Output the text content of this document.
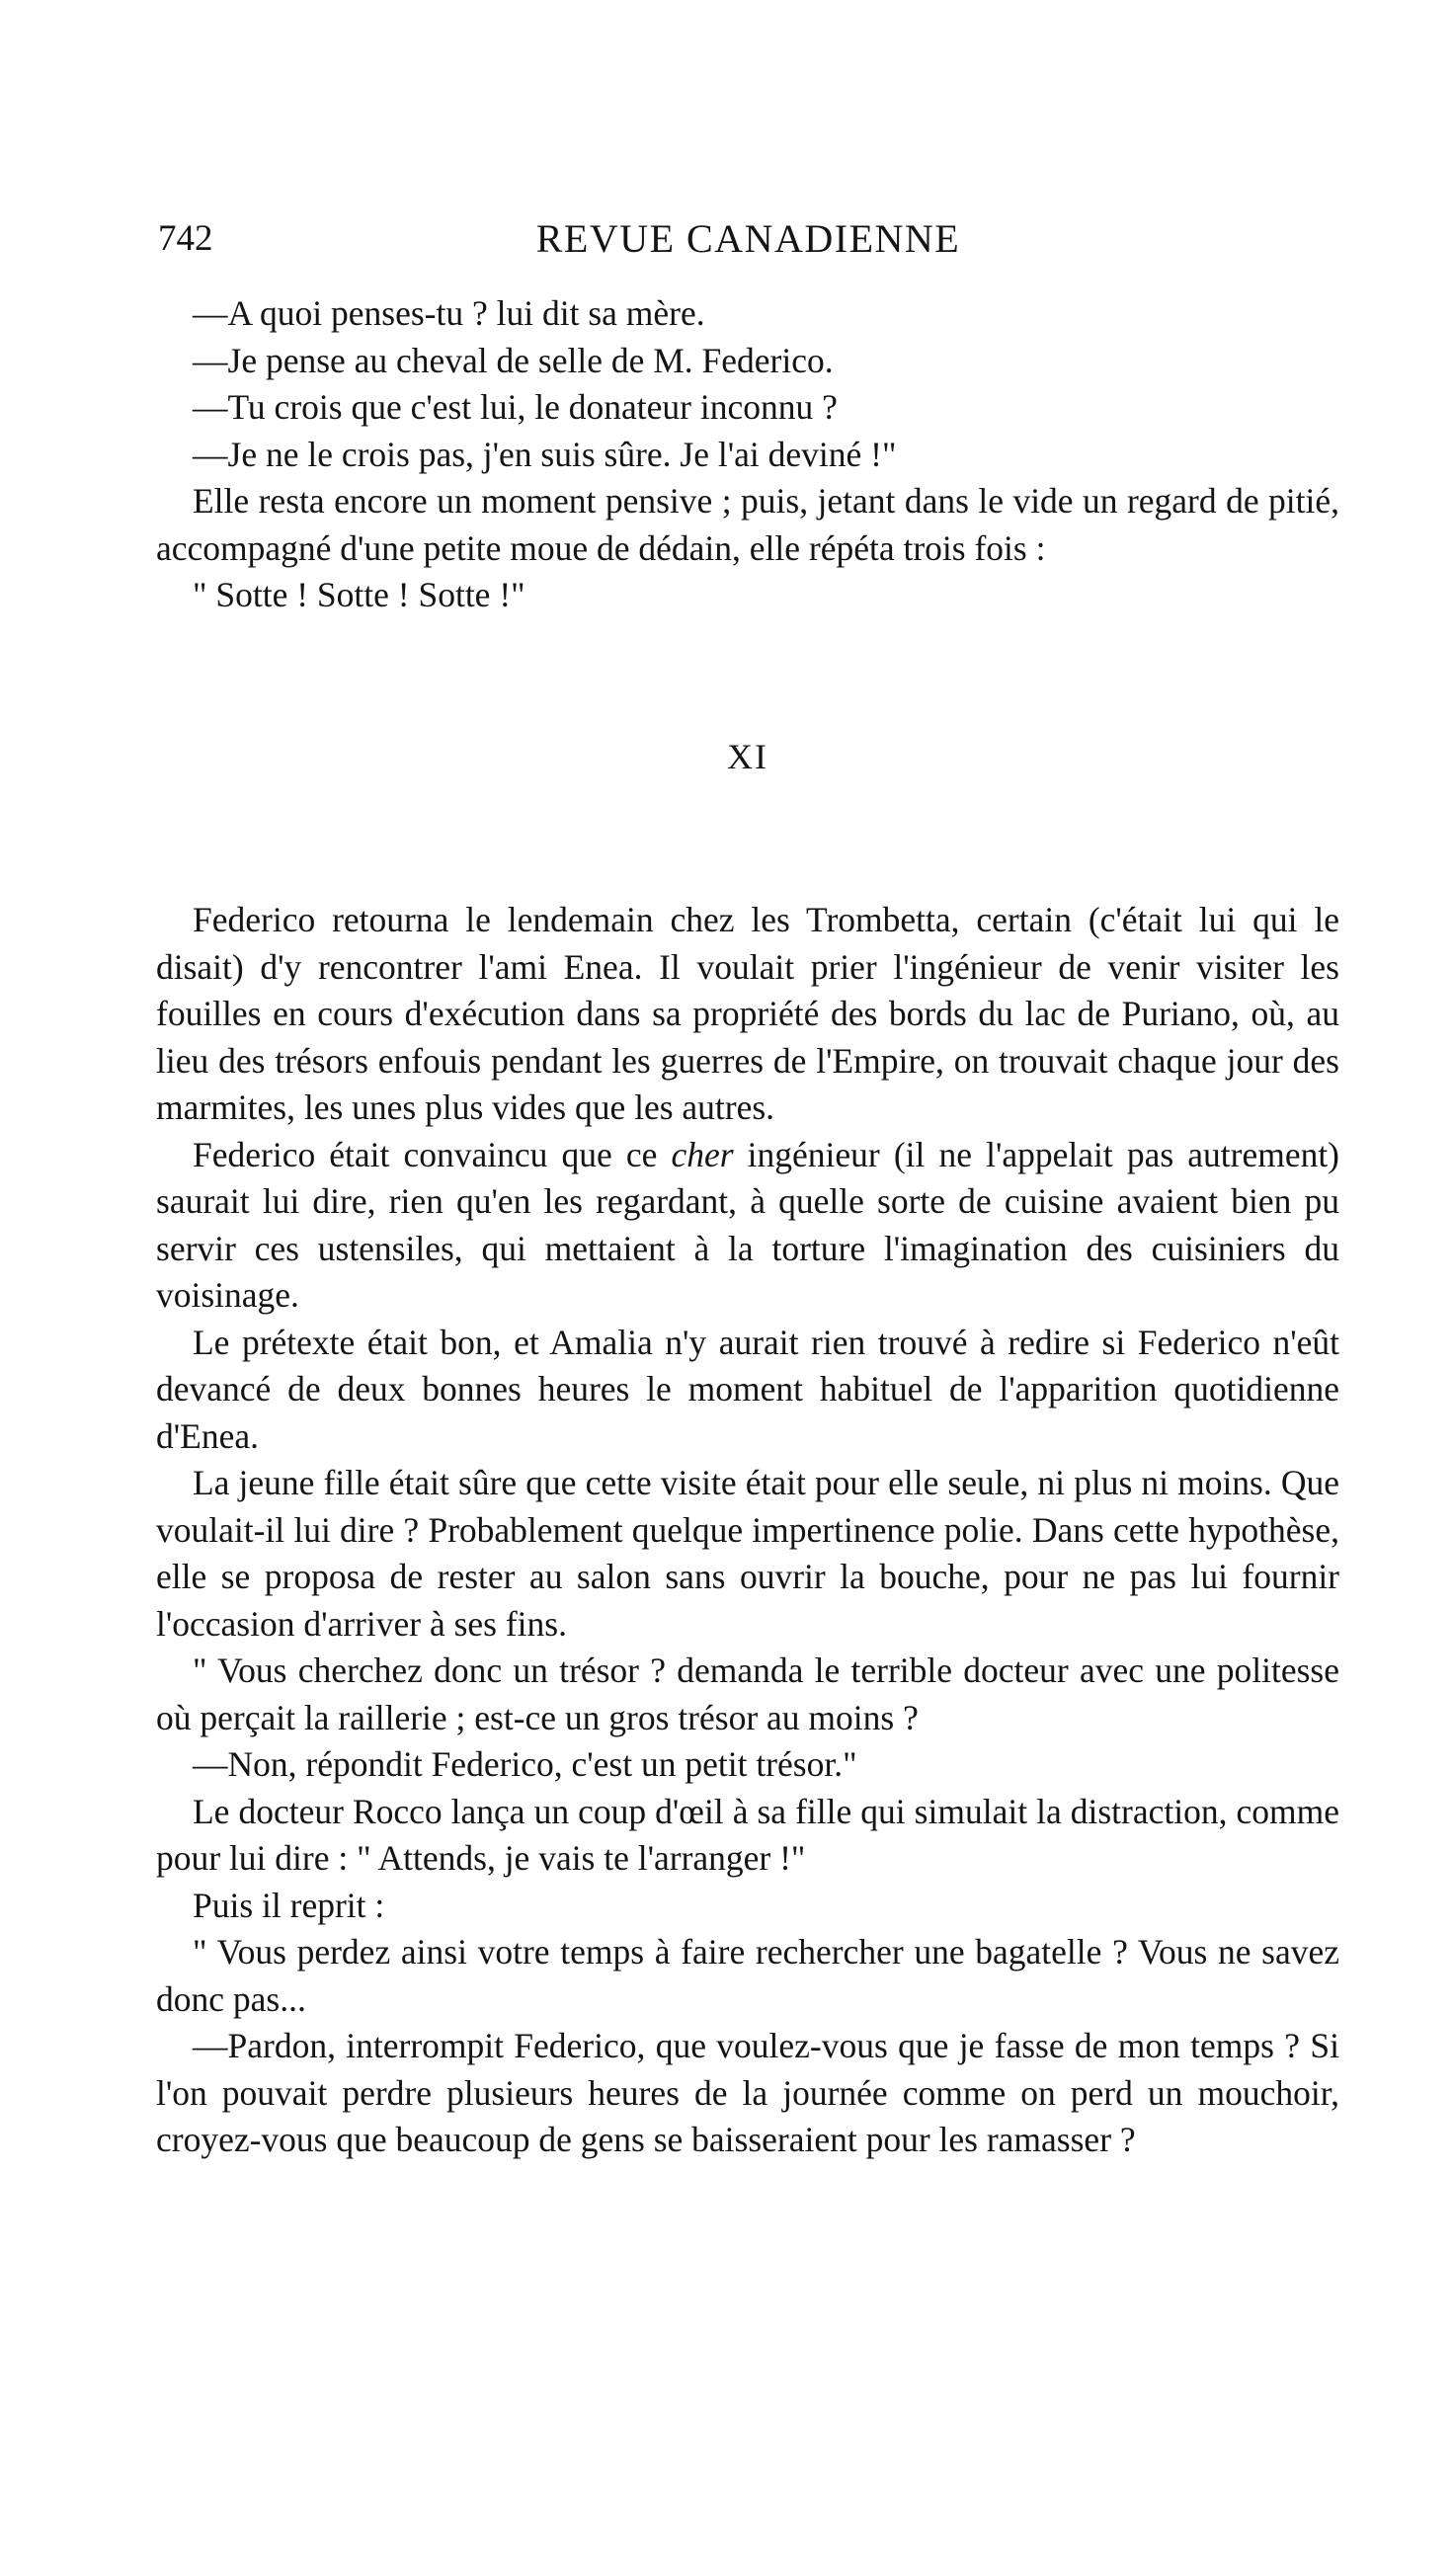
742	REVUE CANADIENNE

—A quoi penses-tu ? lui dit sa mère.

—Je pense au cheval de selle de M. Federico.

—Tu crois que c'est lui, le donateur inconnu ?

—Je ne le crois pas, j'en suis sûre. Je l'ai deviné !"

Elle resta encore un moment pensive ; puis, jetant dans le vide un regard de pitié, accompagné d'une petite moue de dédain, elle répéta trois fois :

" Sotte ! Sotte ! Sotte !"

XI

Federico retourna le lendemain chez les Trombetta, certain (c'était lui qui le disait) d'y rencontrer l'ami Enea. Il voulait prier l'ingénieur de venir visiter les fouilles en cours d'exécution dans sa propriété des bords du lac de Puriano, où, au lieu des trésors enfouis pendant les guerres de l'Empire, on trouvait chaque jour des marmites, les unes plus vides que les autres.

Federico était convaincu que ce cher ingénieur (il ne l'appelait pas autrement) saurait lui dire, rien qu'en les regardant, à quelle sorte de cuisine avaient bien pu servir ces ustensiles, qui mettaient à la torture l'imagination des cuisiniers du voisinage.

Le prétexte était bon, et Amalia n'y aurait rien trouvé à redire si Federico n'eût devancé de deux bonnes heures le moment habituel de l'apparition quotidienne d'Enea.

La jeune fille était sûre que cette visite était pour elle seule, ni plus ni moins. Que voulait-il lui dire ? Probablement quelque impertinence polie. Dans cette hypothèse, elle se proposa de rester au salon sans ouvrir la bouche, pour ne pas lui fournir l'occasion d'arriver à ses fins.

" Vous cherchez donc un trésor ? demanda le terrible docteur avec une politesse où perçait la raillerie ; est-ce un gros trésor au moins ?

—Non, répondit Federico, c'est un petit trésor."

Le docteur Rocco lança un coup d'œil à sa fille qui simulait la distraction, comme pour lui dire : " Attends, je vais te l'arranger !"

Puis il reprit :

" Vous perdez ainsi votre temps à faire rechercher une bagatelle ? Vous ne savez donc pas...

—Pardon, interrompit Federico, que voulez-vous que je fasse de mon temps ? Si l'on pouvait perdre plusieurs heures de la journée comme on perd un mouchoir, croyez-vous que beaucoup de gens se baisseraient pour les ramasser ?
